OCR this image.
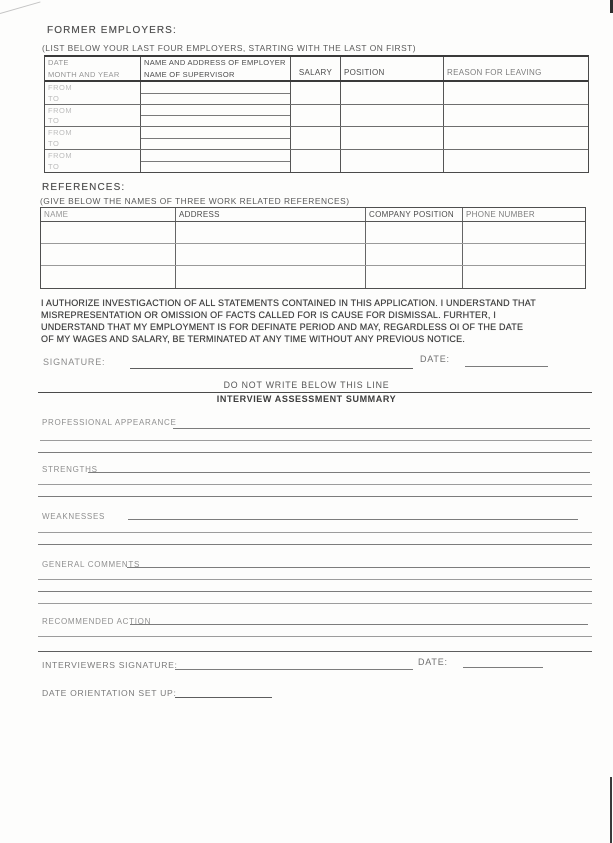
FORMER EMPLOYERS:
(LIST BELOW YOUR LAST FOUR EMPLOYERS, STARTING WITH THE LAST ON FIRST)
DATE
MONTH AND YEAR
NAME AND ADDRESS OF EMPLOYER
NAME OF SUPERVISOR	SALARY POSITION	REASON FOR LEAVING
FROM
TO
FROM
TO
FROM
TO
FROM
TO
REFERENCES:
(GIVE BELOW THE NAMES OF THREE WORK RELATED REFERENCES)
NAME	ADDRESS	COMPANY POSITION	PHONE NUMBER
I AUTHORIZE INVESTIGACTION OF ALL STATEMENTS CONTAINED IN THIS APPLICATION. I UNDERSTAND THAT
MISREPRESENTATION OR OMISSION OF FACTS CALLED FOR IS CAUSE FOR DISMISSAL. FURHTER, I
UNDERSTAND THAT MY EMPLOYMENT IS FOR DEFINATE PERIOD AND MAY, REGARDLESS OI OF THE DATE
OF MY WAGES AND SALARY, BE TERMINATED AT ANY TIME WITHOUT ANY PREVIOUS NOTICE.
SIGNATURE:	DATE:
DO NOT WRITE BELOW THIS LINE
INTERVIEW ASSESSMENT SUMMARY
PROFESSIONAL APPEARANCE
STRENGTHS
WEAKNESSES
GENERAL COMMENTS
RECOMMENDED ACTION
INTERVIEWERS SIGNATURE:	DATE:
DATE ORIENTATION SET UP:
